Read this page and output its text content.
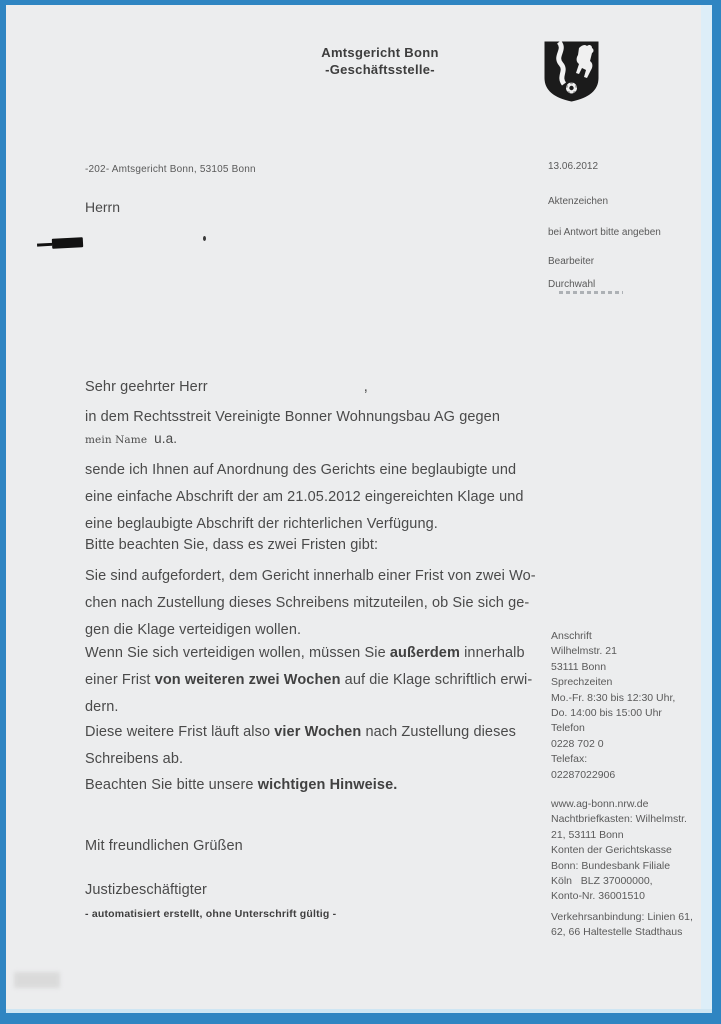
Amtsgericht Bonn
-Geschäftsstelle-
-202- Amtsgericht Bonn, 53105 Bonn	13.06.2012
Herrn	Aktenzeichen
bei Antwort bitte angeben
Bearbeiter
Durchwahl
Sehr geehrter Herr	,
in dem Rechtsstreit Vereinigte Bonner Wohnungsbau AG gegen
mein Name u.a.
sende ich Ihnen auf Anordnung des Gerichts eine beglaubigte und
eine einfache Abschrift der am 21.05.2012 eingereichten Klage und
eine beglaubigte Abschrift der richterlichen Verfügung.
Bitte beachten Sie, dass es zwei Fristen gibt:
Sie sind aufgefordert, dem Gericht innerhalb einer Frist von zwei Wo-
chen nach Zustellung dieses Schreibens mitzuteilen, ob Sie sich ge-
gen die Klage verteidigen wollen.
Wenn Sie sich verteidigen wollen, müssen Sie außerdem innerhalb
einer Frist von weiteren zwei Wochen auf die Klage schriftlich erwi-
dern.
Diese weitere Frist läuft also vier Wochen nach Zustellung dieses
Schreibens ab.
Beachten Sie bitte unsere wichtigen Hinweise.
Mit freundlichen Grüßen
Justizbeschäftigter
- automatisiert erstellt, ohne Unterschrift gültig -
Anschrift
Wilhelmstr. 21
53111 Bonn
Sprechzeiten
Mo.-Fr. 8:30 bis 12:30 Uhr,
Do. 14:00 bis 15:00 Uhr
Telefon
0228 702 0
Telefax:
02287022906
www.ag-bonn.nrw.de
Nachtbriefkasten: Wilhelmstr.
21, 53111 Bonn
Konten der Gerichtskasse
Bonn: Bundesbank Filiale
Köln   BLZ 37000000,
Konto-Nr. 36001510
Verkehrsanbindung: Linien 61,
62, 66 Haltestelle Stadthaus
